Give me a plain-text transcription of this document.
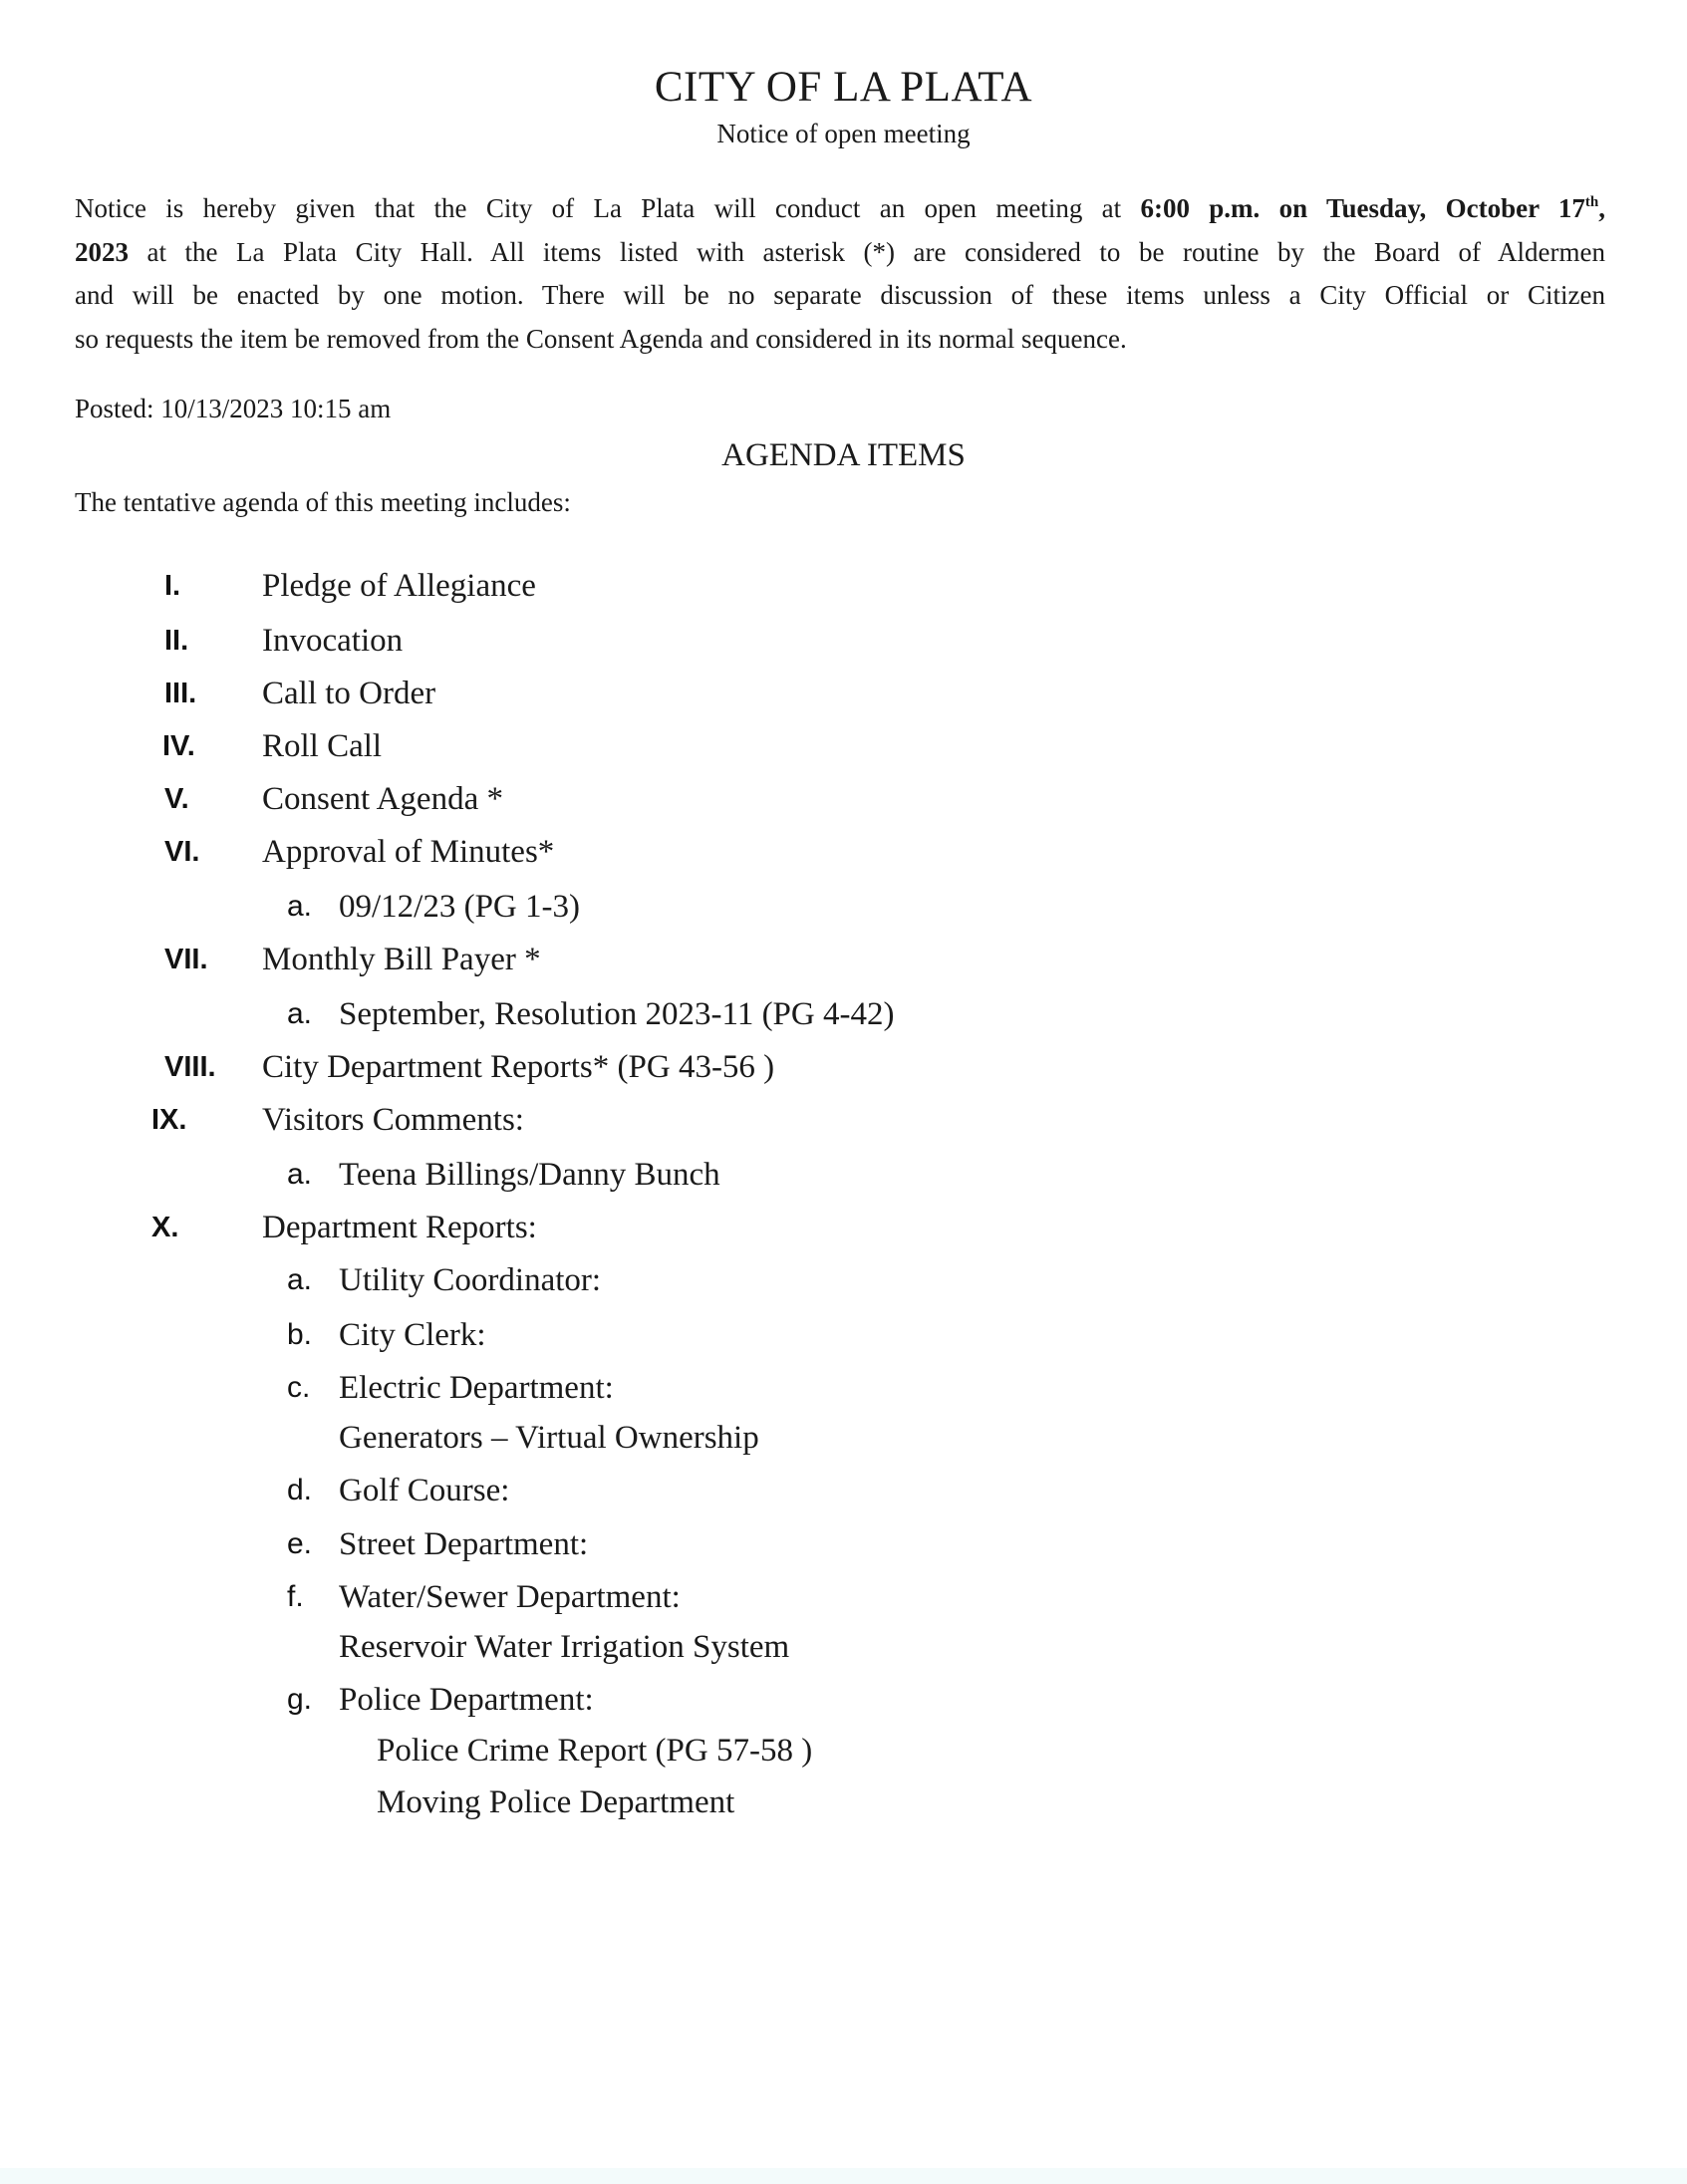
CITY OF LA PLATA
Notice of open meeting
Notice is hereby given that the City of La Plata will conduct an open meeting at 6:00 p.m. on Tuesday, October 17th,
2023 at the La Plata City Hall. All items listed with asterisk (*) are considered to be routine by the Board of Aldermen
and will be enacted by one motion. There will be no separate discussion of these items unless a City Official or Citizen
so requests the item be removed from the Consent Agenda and considered in its normal sequence.
Posted: 10/13/2023 10:15 am
AGENDA ITEMS
The tentative agenda of this meeting includes:
I. Pledge of Allegiance
II. Invocation
III. Call to Order
IV. Roll Call
V. Consent Agenda *
VI. Approval of Minutes*
a. 09/12/23 (PG 1-3)
VII. Monthly Bill Payer *
a. September, Resolution 2023-11 (PG 4-42)
VIII. City Department Reports* (PG 43-56 )
IX. Visitors Comments:
a. Teena Billings/Danny Bunch
X.	Department Reports:
a. Utility Coordinator:
b. City Clerk:
c. Electric Department:
Generators – Virtual Ownership
d. Golf Course:
e. Street Department:
f. Water/Sewer Department:
Reservoir Water Irrigation System
g. Police Department:
Police Crime Report (PG 57-58 )
Moving Police Department
